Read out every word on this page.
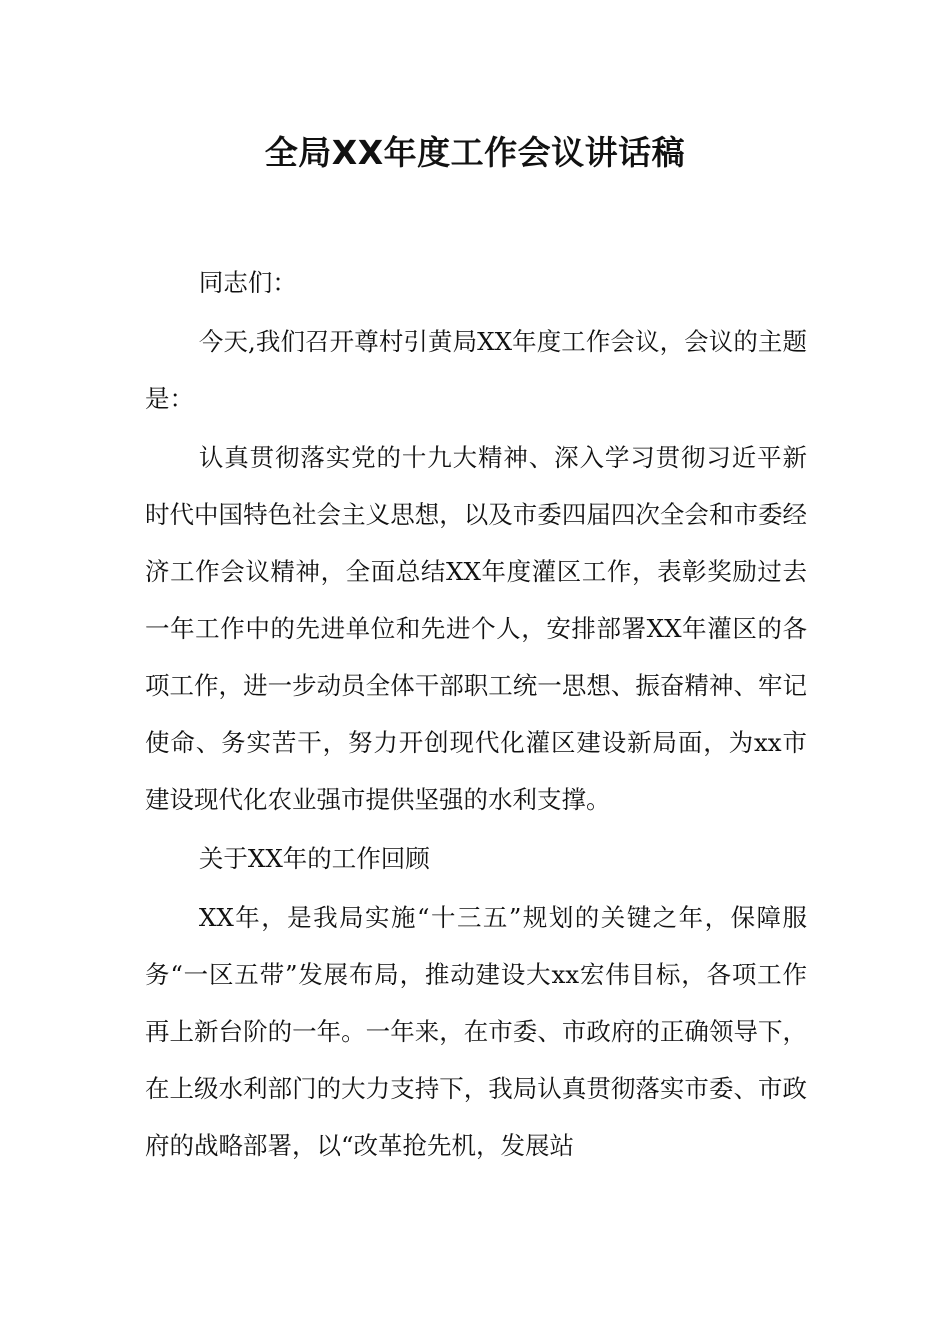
全局XX年度工作会议讲话稿

同志们：

今天,我们召开尊村引黄局XX年度工作会议，会议的主题是：

认真贯彻落实党的十九大精神、深入学习贯彻习近平新时代中国特色社会主义思想，以及市委四届四次全会和市委经济工作会议精神，全面总结XX年度灌区工作，表彰奖励过去一年工作中的先进单位和先进个人，安排部署XX年灌区的各项工作，进一步动员全体干部职工统一思想、振奋精神、牢记使命、务实苦干，努力开创现代化灌区建设新局面，为xx市建设现代化农业强市提供坚强的水利支撑。

关于XX年的工作回顾

XX年，是我局实施“十三五”规划的关键之年，保障服务“一区五带”发展布局，推动建设大xx宏伟目标，各项工作再上新台阶的一年。一年来，在市委、市政府的正确领导下，在上级水利部门的大力支持下，我局认真贯彻落实市委、市政府的战略部署，以“改革抢先机，发展站
